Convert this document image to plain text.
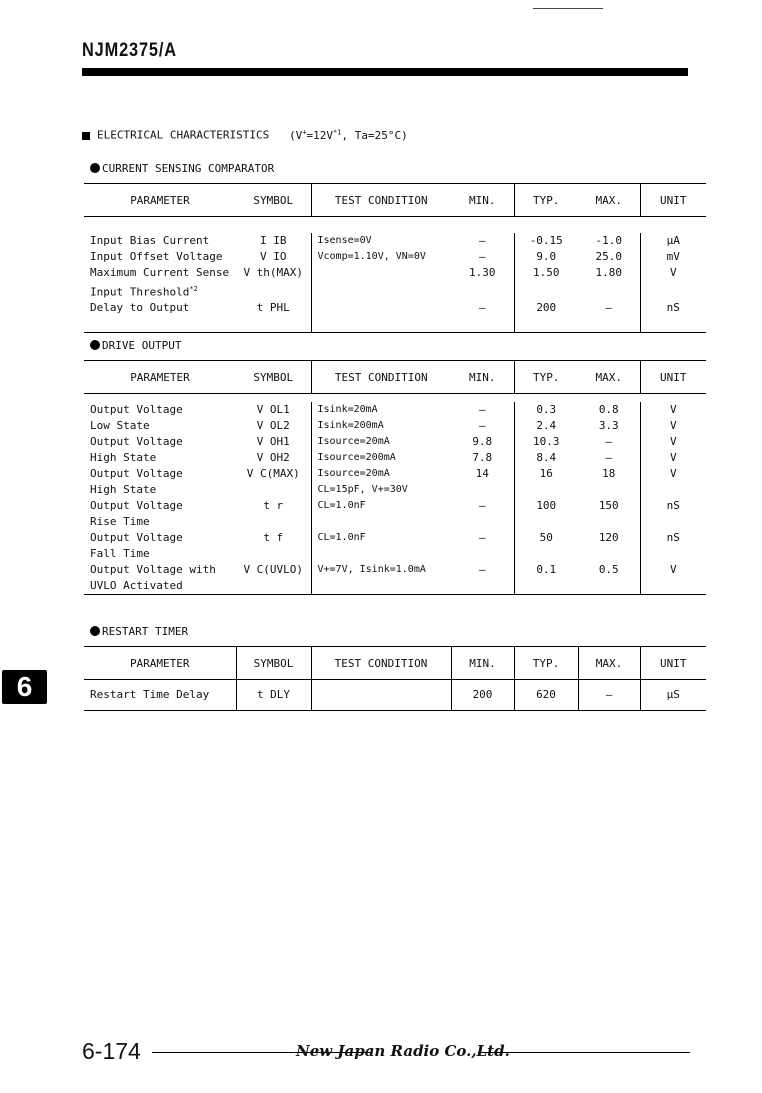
NJM2375/A
ELECTRICAL CHARACTERISTICS ($V^+=12V^{*1}$, Ta=25°C)
CURRENT SENSING COMPARATOR
PARAMETER	SYMBOL	TEST CONDITION	MIN.	TYP.	MAX.	UNIT

Input Bias Current	I IB	Isense=0V	—	-0.15	-1.0	μA
Input Offset Voltage	V IO	Vcomp=1.10V, VN=0V	—	9.0	25.0	mV
Maximum Current Sense	V th(MAX)		1.30	1.50	1.80	V
Input Threshold$^{*2}$						
Delay to Output	t PHL		—	200	—	nS

DRIVE OUTPUT
PARAMETER	SYMBOL	TEST CONDITION	MIN.	TYP.	MAX.	UNIT

Output Voltage	V OL1	Isink=20mA	—	0.3	0.8	V
Low State	V OL2	Isink=200mA	—	2.4	3.3	V
Output Voltage	V OH1	Isource=20mA	9.8	10.3	—	V
High State	V OH2	Isource=200mA	7.8	8.4	—	V
Output Voltage	V C(MAX)	Isource=20mA	14	16	18	V
High State		CL=15pF, V+=30V				
Output Voltage	t r	CL=1.0nF	—	100	150	nS
Rise Time						
Output Voltage	t f	CL=1.0nF	—	50	120	nS
Fall Time						
Output Voltage with	V C(UVLO)	V+=7V, Isink=1.0mA	—	0.1	0.5	V
UVLO Activated						
RESTART TIMER
PARAMETER	SYMBOL	TEST CONDITION	MIN.	TYP.	MAX.	UNIT
Restart Time Delay	t DLY		200	620	—	μS
6
6-174	New Japan Radio Co.,Ltd.
